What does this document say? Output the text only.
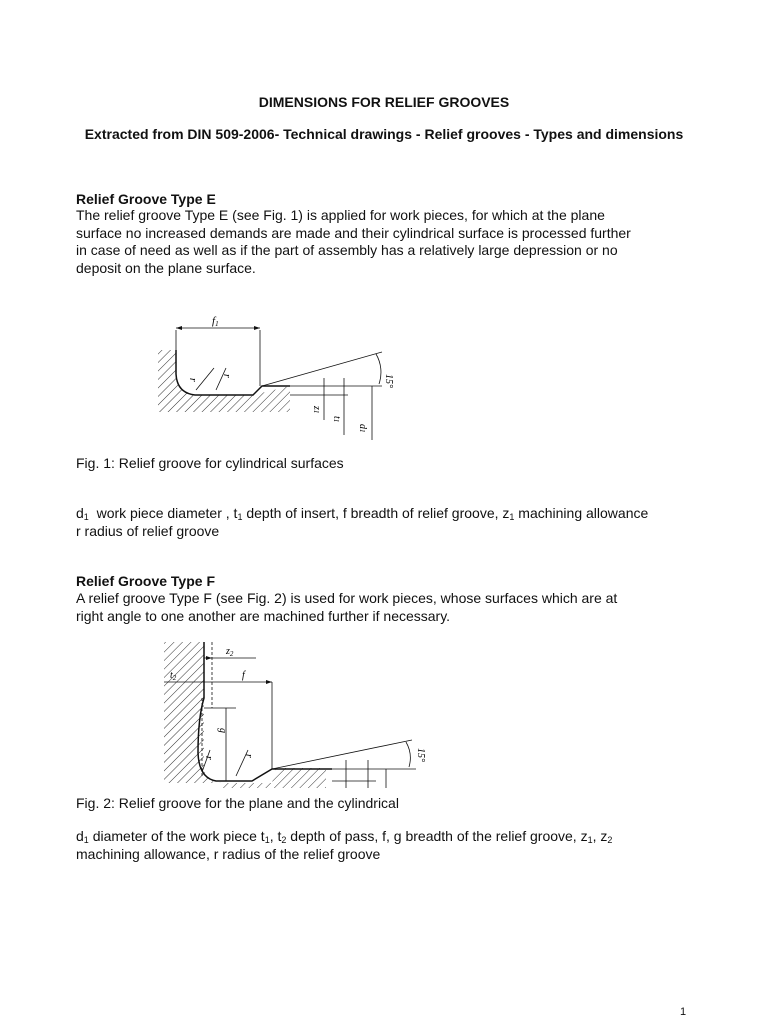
DIMENSIONS FOR RELIEF GROOVES
Extracted from DIN 509-2006- Technical drawings - Relief grooves - Types and dimensions
Relief Groove Type E
The relief groove Type E (see Fig. 1) is applied for work pieces, for which at the plane
surface no increased demands are made and their cylindrical surface is processed further
in case of need as well as if the part of assembly has a relatively large depression or no
deposit on the plane surface.
f1
15°
r
r
z1
t1
d1
Fig. 1: Relief groove for cylindrical surfaces
$d_1$  work piece diameter , $t_1$ depth of insert, f breadth of relief groove, $z_1$ machining allowance
r radius of relief groove
Relief Groove Type F
A relief groove Type F (see Fig. 2) is used for work pieces, whose surfaces which are at
right angle to one another are machined further if necessary.
$z_2$
$t_2$	f
g
r
r	15°
Fig. 2: Relief groove for the plane and the cylindrical
$d_1$ diameter of the work piece $t_1$, $t_2$ depth of pass, f, g breadth of the relief groove, $z_1$, $z_2$
machining allowance, r radius of the relief groove
1
